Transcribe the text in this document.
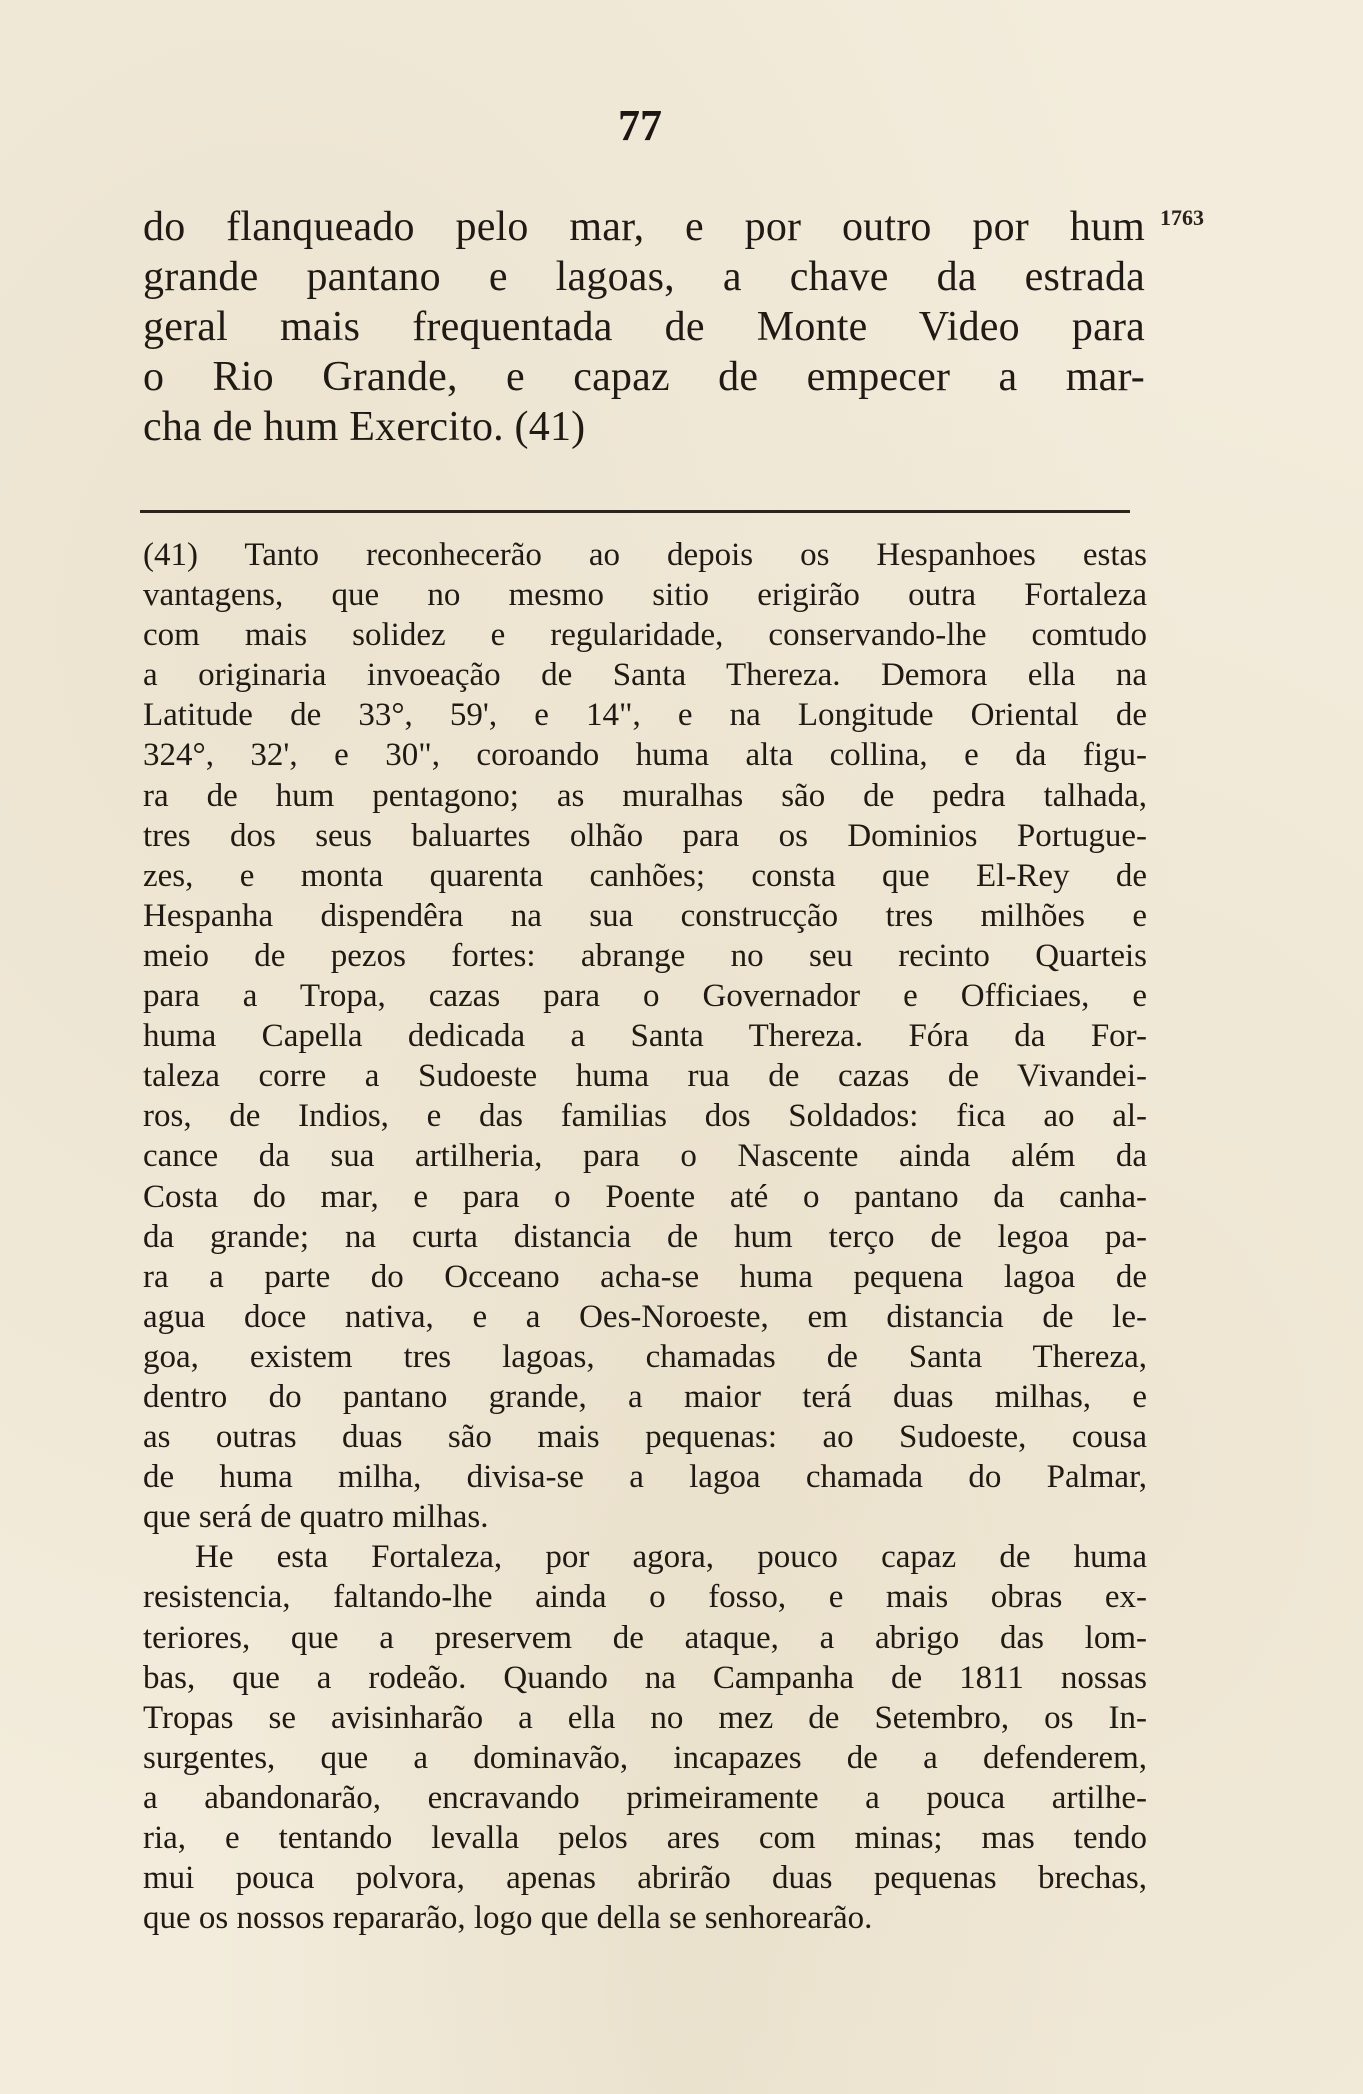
77
1763
do flanqueado pelo mar, e por outro por hum
grande pantano e lagoas, a chave da estrada
geral mais frequentada de Monte Video para
o Rio Grande, e capaz de empecer a mar-
cha de hum Exercito. (41)
(41) Tanto reconhecerão ao depois os Hespanhoes estas
vantagens, que no mesmo sitio erigirão outra Fortaleza
com mais solidez e regularidade, conservando-lhe comtudo
a originaria invoeação de Santa Thereza. Demora ella na
Latitude de 33°, 59', e 14", e na Longitude Oriental de
324°, 32', e 30", coroando huma alta collina, e da figu-
ra de hum pentagono; as muralhas são de pedra talhada,
tres dos seus baluartes olhão para os Dominios Portugue-
zes, e monta quarenta canhões; consta que El-Rey de
Hespanha dispendêra na sua construcção tres milhões e
meio de pezos fortes: abrange no seu recinto Quarteis
para a Tropa, cazas para o Governador e Officiaes, e
huma Capella dedicada a Santa Thereza. Fóra da For-
taleza corre a Sudoeste huma rua de cazas de Vivandei-
ros, de Indios, e das familias dos Soldados: fica ao al-
cance da sua artilheria, para o Nascente ainda além da
Costa do mar, e para o Poente até o pantano da canha-
da grande; na curta distancia de hum terço de legoa pa-
ra a parte do Occeano acha-se huma pequena lagoa de
agua doce nativa, e a Oes-Noroeste, em distancia de le-
goa, existem tres lagoas, chamadas de Santa Thereza,
dentro do pantano grande, a maior terá duas milhas, e
as outras duas são mais pequenas: ao Sudoeste, cousa
de huma milha, divisa-se a lagoa chamada do Palmar,
que será de quatro milhas.
He esta Fortaleza, por agora, pouco capaz de huma
resistencia, faltando-lhe ainda o fosso, e mais obras ex-
teriores, que a preservem de ataque, a abrigo das lom-
bas, que a rodeão. Quando na Campanha de 1811 nossas
Tropas se avisinharão a ella no mez de Setembro, os In-
surgentes, que a dominavão, incapazes de a defenderem,
a abandonarão, encravando primeiramente a pouca artilhe-
ria, e tentando levalla pelos ares com minas; mas tendo
mui pouca polvora, apenas abrirão duas pequenas brechas,
que os nossos repararão, logo que della se senhorearão.
